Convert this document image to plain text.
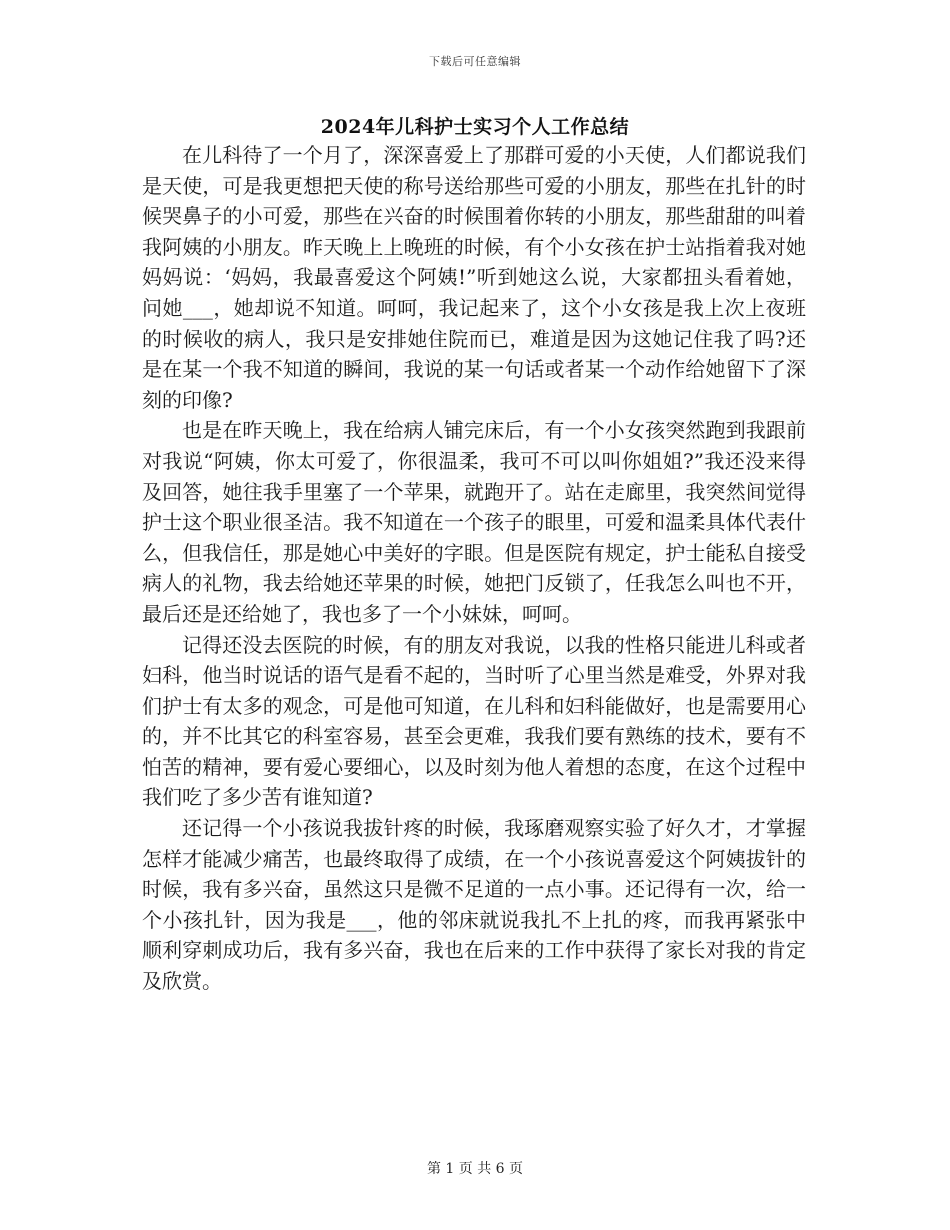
下载后可任意编辑
2024年儿科护士实习个人工作总结

在儿科待了一个月了，深深喜爱上了那群可爱的小天使，人们都说我们是天使，可是我更想把天使的称号送给那些可爱的小朋友，那些在扎针的时候哭鼻子的小可爱，那些在兴奋的时候围着你转的小朋友，那些甜甜的叫着我阿姨的小朋友。昨天晚上上晚班的时候，有个小女孩在护士站指着我对她妈妈说：‘妈妈，我最喜爱这个阿姨!”听到她这么说，大家都扭头看着她，问她___，她却说不知道。呵呵，我记起来了，这个小女孩是我上次上夜班的时候收的病人，我只是安排她住院而已，难道是因为这她记住我了吗?还是在某一个我不知道的瞬间，我说的某一句话或者某一个动作给她留下了深刻的印像?

也是在昨天晚上，我在给病人铺完床后，有一个小女孩突然跑到我跟前对我说“阿姨，你太可爱了，你很温柔，我可不可以叫你姐姐?”我还没来得及回答，她往我手里塞了一个苹果，就跑开了。站在走廊里，我突然间觉得护士这个职业很圣洁。我不知道在一个孩子的眼里，可爱和温柔具体代表什么，但我信任，那是她心中美好的字眼。但是医院有规定，护士能私自接受病人的礼物，我去给她还苹果的时候，她把门反锁了，任我怎么叫也不开，最后还是还给她了，我也多了一个小妹妹，呵呵。

记得还没去医院的时候，有的朋友对我说，以我的性格只能进儿科或者妇科，他当时说话的语气是看不起的，当时听了心里当然是难受，外界对我们护士有太多的观念，可是他可知道，在儿科和妇科能做好，也是需要用心的，并不比其它的科室容易，甚至会更难，我我们要有熟练的技术，要有不怕苦的精神，要有爱心要细心，以及时刻为他人着想的态度，在这个过程中我们吃了多少苦有谁知道?

还记得一个小孩说我拔针疼的时候，我琢磨观察实验了好久才，才掌握怎样才能减少痛苦，也最终取得了成绩，在一个小孩说喜爱这个阿姨拔针的时候，我有多兴奋，虽然这只是微不足道的一点小事。还记得有一次，给一个小孩扎针，因为我是___，他的邻床就说我扎不上扎的疼，而我再紧张中顺利穿刺成功后，我有多兴奋，我也在后来的工作中获得了家长对我的肯定及欣赏。

第 1 页 共 6 页
